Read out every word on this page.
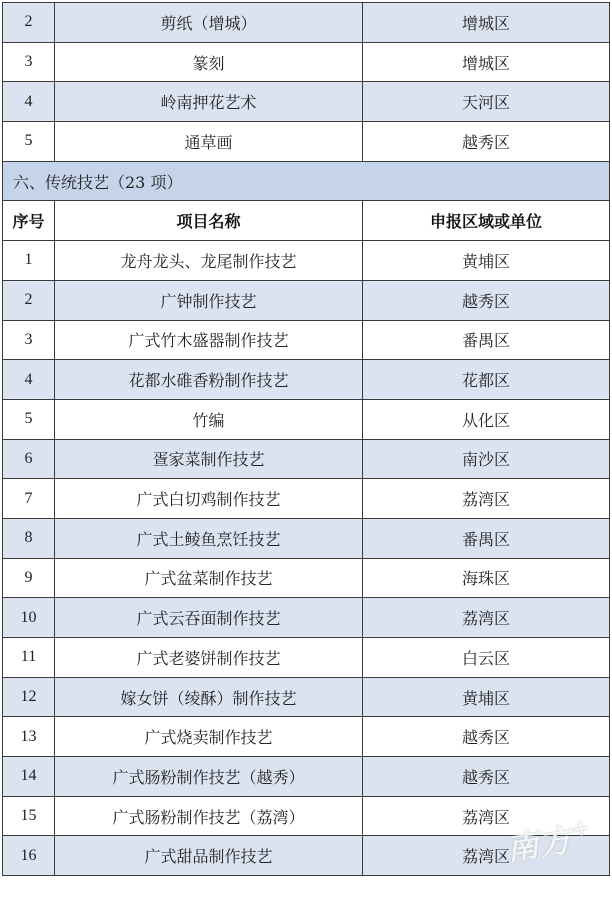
2	剪纸（增城）	增城区
3	篆刻	增城区
4	岭南押花艺术	天河区
5	通草画	越秀区
六、传统技艺（23 项）		
序号	项目名称	申报区域或单位
1	龙舟龙头、龙尾制作技艺	黄埔区
2	广钟制作技艺	越秀区
3	广式竹木盛器制作技艺	番禺区
4	花都水碓香粉制作技艺	花都区
5	竹编	从化区
6	疍家菜制作技艺	南沙区
7	广式白切鸡制作技艺	荔湾区
8	广式土鲮鱼烹饪技艺	番禺区
9	广式盆菜制作技艺	海珠区
10	广式云吞面制作技艺	荔湾区
11	广式老婆饼制作技艺	白云区
12	嫁女饼（绫酥）制作技艺	黄埔区
13	广式烧卖制作技艺	越秀区
14	广式肠粉制作技艺（越秀）	越秀区
15	广式肠粉制作技艺（荔湾）	荔湾区
16	广式甜品制作技艺	荔湾区
南方+
